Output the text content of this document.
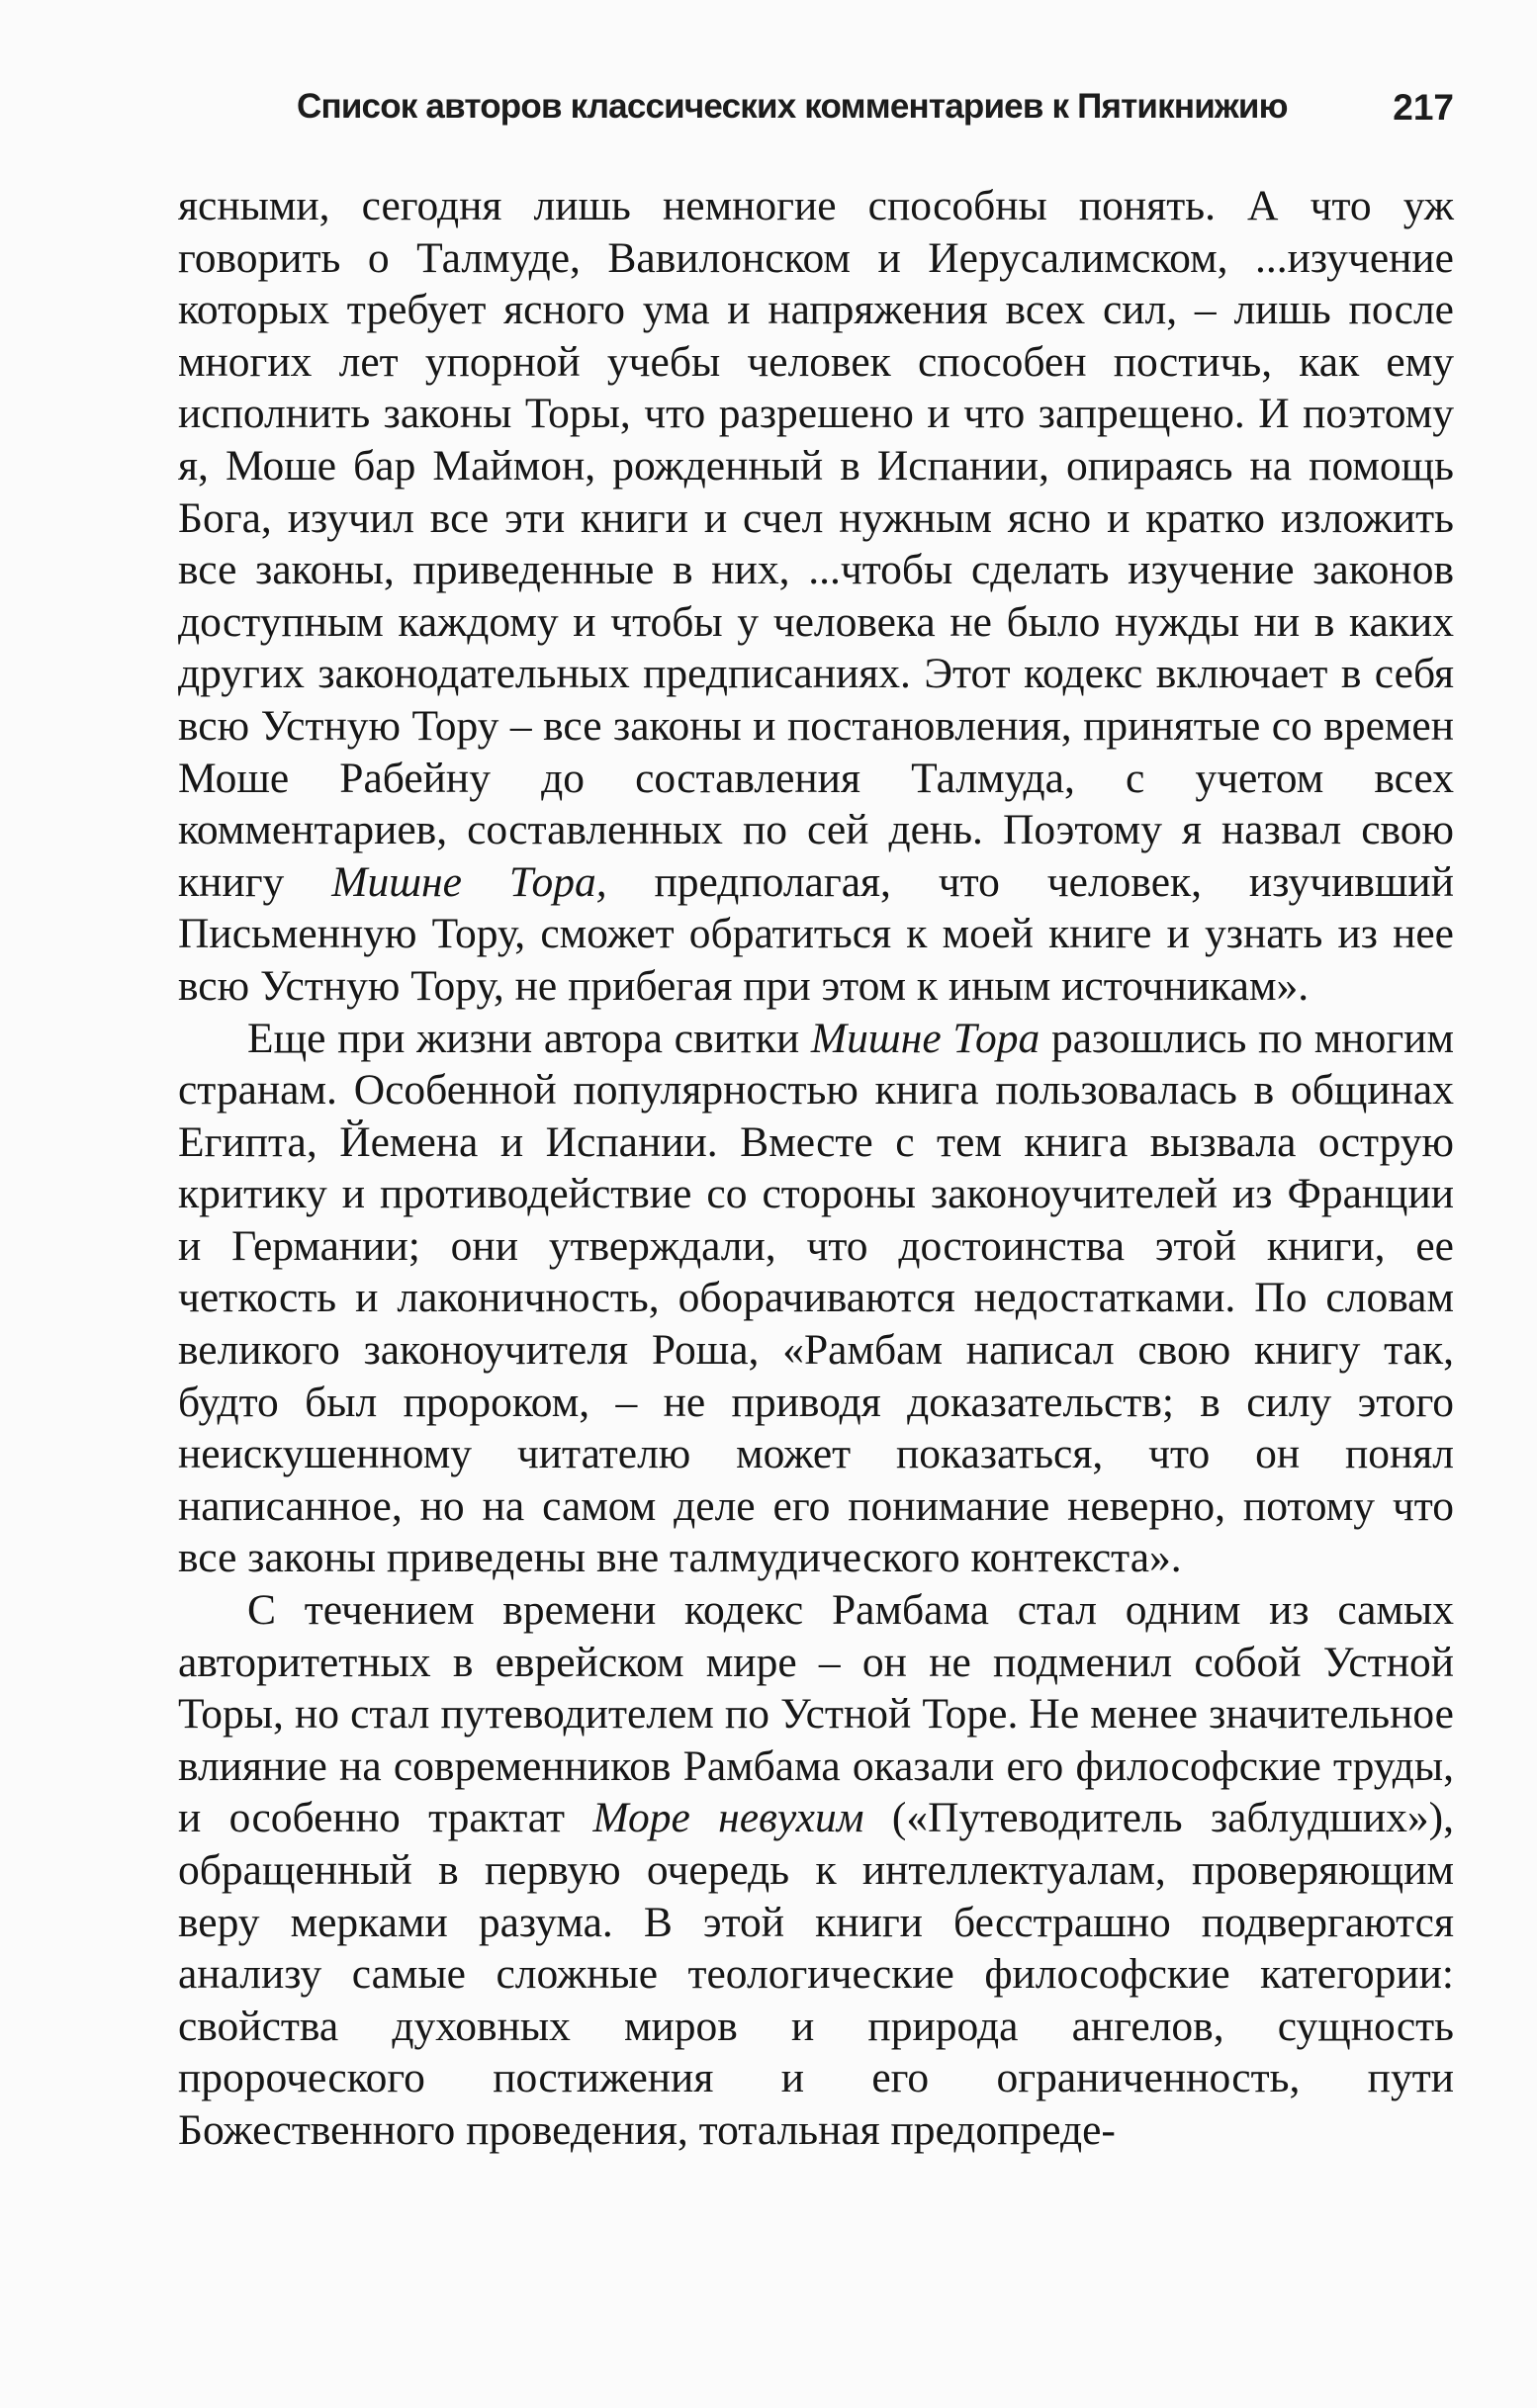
Список авторов классических комментариев к Пятикнижию	217

ясными, сегодня лишь немногие способны понять. А что уж говорить о Талмуде, Вавилонском и Иерусалимском, ...изучение которых требует ясного ума и напряжения всех сил, – лишь после многих лет упорной учебы человек способен постичь, как ему исполнить законы Торы, что разрешено и что запрещено. И поэтому я, Моше бар Маймон, рожденный в Испании, опираясь на помощь Бога, изучил все эти книги и счел нужным ясно и кратко изложить все законы, приведенные в них, ...чтобы сделать изучение законов доступным каждому и чтобы у человека не было нужды ни в каких других законодательных предписаниях. Этот кодекс включает в себя всю Устную Тору – все законы и постановления, принятые со времен Моше Рабейну до составления Талмуда, с учетом всех комментариев, составленных по сей день. Поэтому я назвал свою книгу Мишне Тора, предполагая, что человек, изучивший Письменную Тору, сможет обратиться к моей книге и узнать из нее всю Устную Тору, не прибегая при этом к иным источникам».

Еще при жизни автора свитки Мишне Тора разошлись по многим странам. Особенной популярностью книга пользовалась в общинах Египта, Йемена и Испании. Вместе с тем книга вызвала острую критику и противодействие со стороны законоучителей из Франции и Германии; они утверждали, что достоинства этой книги, ее четкость и лаконичность, оборачиваются недостатками. По словам великого законоучителя Роша, «Рамбам написал свою книгу так, будто был пророком, – не приводя доказательств; в силу этого неискушенному читателю может показаться, что он понял написанное, но на самом деле его понимание неверно, потому что все законы приведены вне талмудического контекста».

С течением времени кодекс Рамбама стал одним из самых авторитетных в еврейском мире – он не подменил собой Устной Торы, но стал путеводителем по Устной Торе. Не менее значительное влияние на современников Рамбама оказали его философские труды, и особенно трактат Море невухим («Путеводитель заблудших»), обращенный в первую очередь к интеллектуалам, проверяющим веру мерками разума. В этой книги бесстрашно подвергаются анализу самые сложные теологические философские категории: свойства духовных миров и природа ангелов, сущность пророческого постижения и его ограниченность, пути Божественного проведения, тотальная предопреде-
